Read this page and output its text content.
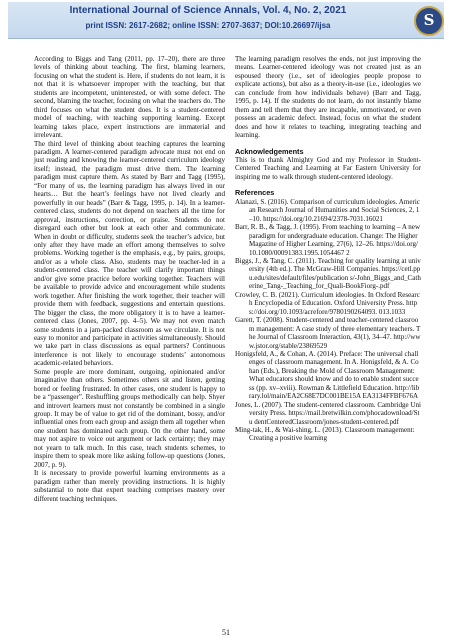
International Journal of Science Annals, Vol. 4, No. 2, 2021
print ISSN: 2617-2682; online ISSN: 2707-3637; DOI:10.26697/ijsa	S

According to Biggs and Tang (2011, pp. 17–20), there are three levels of thinking about teaching. The first, blaming learners, focusing on what the student is. Here, if students do not learn, it is not that it is whatsoever improper with the teaching, but that students are incompetent, uninterested, or with some defect. The second, blaming the teacher, focusing on what the teachers do. The third focuses on what the student does. It is a student-centered model of teaching, with teaching supporting learning. Except learning takes place, expert instructions are immaterial and irrelevant.

The third level of thinking about teaching captures the learning paradigm. A learner-centered paradigm advocate must not end on just reading and knowing the learner-centered curriculum ideology itself; instead, the paradigm must drive them. The learning paradigm must capture them. As stated by Barr and Tagg (1995), “For many of us, the learning paradigm has always lived in our hearts… But the heart’s feelings have not lived clearly and powerfully in our heads” (Barr & Tagg, 1995, p. 14). In a learner-centered class, students do not depend on teachers all the time for approval, instructions, correction, or praise. Students do not disregard each other but look at each other and communicate. When in doubt or difficulty, students seek the teacher’s advice, but only after they have made an effort among themselves to solve problems. Working together is the emphasis, e.g., by pairs, groups, and/or as a whole class. Also, students may be teacher-led in a student-centered class. The teacher will clarify important things and/or give some practice before working together. Teachers will be available to provide advice and encouragement while students work together. After finishing the work together, their teacher will provide them with feedback, suggestions and entertain questions. The bigger the class, the more obligatory it is to have a learner-centered class (Jones, 2007, pp. 4–5). We may not even match some students in a jam-packed classroom as we circulate. It is not easy to monitor and participate in activities simultaneously. Should we take part in class discussions as equal partners? Continuous interference is not likely to encourage students’ autonomous academic-related behaviors.

Some people are more dominant, outgoing, opinionated and/or imaginative than others. Sometimes others sit and listen, getting bored or feeling frustrated. In other cases, one student is happy to be a “passenger”. Reshuffling groups methodically can help. Shyer and introvert learners must not constantly be combined in a single group. It may be of value to get rid of the dominant, bossy, and/or influential ones from each group and assign them all together when one student has dominated each group. On the other hand, some may not aspire to voice out argument or lack certainty; they may not yearn to talk much. In this case, teach students schemes, to inspire them to speak more like asking follow-up questions (Jones, 2007, p. 9).

It is necessary to provide powerful learning environments as a paradigm rather than merely providing instructions. It is highly substantial to note that expert teaching comprises mastery over different teaching techniques.

The learning paradigm resolves the ends, not just improving the means. Learner-centered ideology was not created just as an espoused theory (i.e., set of ideologies people propose to explicate actions), but also as a theory-in-use (i.e., ideologies we can conclude from how individuals behave) (Barr and Tagg, 1995, p. 14). If the students do not learn, do not instantly blame them and tell them that they are incapable, unmotivated, or even possess an academic defect. Instead, focus on what the student does and how it relates to teaching, integrating teaching and learning.

Acknowledgements

This is to thank Almighty God and my Professor in Student-Centered Teaching and Learning at Far Eastern University for inspiring me to walk through student-centered ideology.

References

Alanazi, S. (2016). Comparison of curriculum ideologies. American Research Journal of Humanities and Social Sciences, 2, 1–10. https://doi.org/10.21694/2378-7031.16021

Barr, R. B., & Tagg, J. (1995). From teaching to learning – A new paradigm for undergraduate education. Change: The Higher Magazine of Higher Learning, 27(6), 12–26. https://doi.org/10.1080/00091383.1995.1054467 2

Biggs, J., & Tang, C. (2011). Teaching for quality learning at university (4th ed.). The McGraw-Hill Companies. https://cetl.ppu.edu/sites/default/files/publication s/-John_Biggs_and_Catherine_Tang-_Teaching_for_Quali-BookFiorg-.pdf

Crowley, C. B. (2021). Curriculum ideologies. In Oxford Research Encyclopedia of Education. Oxford University Press. https://doi.org/10.1093/acrefore/9780190264093. 013.1033

Garett, T. (2008). Student-centered and teacher-centered classroom management: A case study of three elementary teachers. The Journal of Classroom Interaction, 43(1), 34–47. http://www.jstor.org/stable/23869529

Honigsfeld, A., & Cohan, A. (2014). Preface: The universal challenges of classroom management. In A. Honigsfeld, & A. Cohan (Eds.), Breaking the Mold of Classroom Management: What educators should know and do to enable student success (pp. xv–xviii). Rowman & Littlefield Education. http://library.lol/main/EA2C68E7DC001BE15A EA3134FFBF676A

Jones, L. (2007). The student-centered classroom. Cambridge University Press. https://mail.bretwilkin.com/phocadownload/Stu dentCenteredClassroom/jones-student-centered.pdf

Ming-tak, H., & Wai-shing, L. (2013). Classroom management: Creating a positive learning

51
